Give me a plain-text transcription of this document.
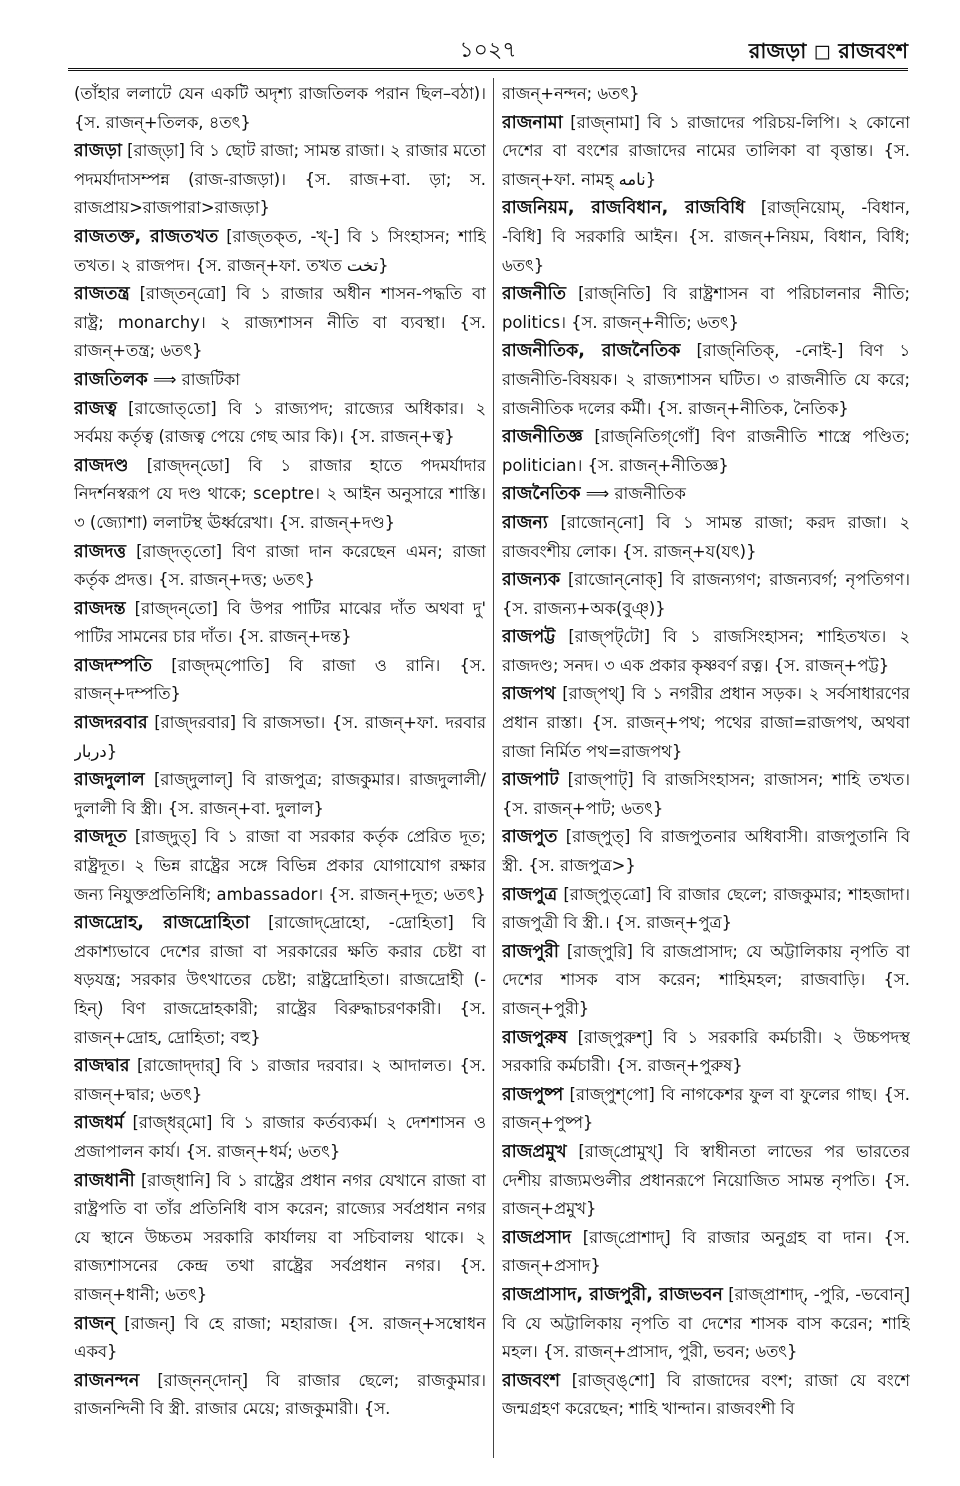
১০২৭	রাজড়া ◻ রাজবংশ

(তাঁহার ললাটে যেন একটি অদৃশ্য রাজতিলক পরান ছিল–বঠা)। {স. রাজন্+তিলক, ৪তৎ}

রাজড়া [রাজ্‌ড়া] বি ১ ছোট রাজা; সামন্ত রাজা। ২ রাজার মতো পদমর্যাদাসম্পন্ন (রাজ-রাজড়া)। {স. রাজ+বা. ড়া; স. রাজপ্রায়>রাজপারা>রাজড়া}

রাজতক্ত, রাজতখত [রাজ্‌তক্‌ত, -খ্‌-] বি ১ সিংহাসন; শাহি তখত। ২ রাজপদ। {স. রাজন্+ফা. তখত تخت}

রাজতন্ত্র [রাজ্‌তন্‌ত্রো] বি ১ রাজার অধীন শাসন-পদ্ধতি বা রাষ্ট্র; monarchy। ২ রাজ্যশাসন নীতি বা ব্যবস্থা। {স. রাজন্+তন্ত্র; ৬তৎ}

রাজতিলক ⟹ রাজটিকা

রাজত্ব [রাজোত্‌তো] বি ১ রাজ্যপদ; রাজ্যের অধিকার। ২ সর্বময় কর্তৃত্ব (রাজত্ব পেয়ে গেছ আর কি)। {স. রাজন্+ত্ব}

রাজদণ্ড [রাজ্‌দন্‌ডো] বি ১ রাজার হাতে পদমর্যাদার নিদর্শনস্বরূপ যে দণ্ড থাকে; sceptre। ২ আইন অনুসারে শাস্তি। ৩ (জ্যোশা) ললাটস্থ ঊর্ধ্বরেখা। {স. রাজন্+দণ্ড}

রাজদত্ত [রাজ্‌দত্‌তো] বিণ রাজা দান করেছেন এমন; রাজা কর্তৃক প্রদত্ত। {স. রাজন্+দত্ত; ৬তৎ}

রাজদন্ত [রাজ্‌দন্‌তো] বি উপর পাটির মাঝের দাঁত অথবা দু' পাটির সামনের চার দাঁত। {স. রাজন্+দন্ত}

রাজদম্পতি [রাজ্‌দম্‌পোতি] বি রাজা ও রানি। {স. রাজন্+দম্পতি}

রাজদরবার [রাজ্‌দরবার] বি রাজসভা। {স. রাজন্+ফা. দরবার دربار}

রাজদুলাল [রাজ্‌দুলাল্] বি রাজপুত্র; রাজকুমার। রাজদুলালী/দুলালী বি স্ত্রী। {স. রাজন্+বা. দুলাল}

রাজদূত [রাজ্‌দুত্] বি ১ রাজা বা সরকার কর্তৃক প্রেরিত দূত; রাষ্ট্রদূত। ২ ভিন্ন রাষ্ট্রের সঙ্গে বিভিন্ন প্রকার যোগাযোগ রক্ষার জন্য নিযুক্তপ্রতিনিধি; ambassador। {স. রাজন্+দূত; ৬তৎ}

রাজদ্রোহ, রাজদ্রোহিতা [রাজোদ্‌দ্রোহো, -দ্রোহিতা] বি প্রকাশ্যভাবে দেশের রাজা বা সরকারের ক্ষতি করার চেষ্টা বা ষড়যন্ত্র; সরকার উৎখাতের চেষ্টা; রাষ্ট্রদ্রোহিতা। রাজদ্রোহী (-হিন্) বিণ রাজদ্রোহকারী; রাষ্ট্রের বিরুদ্ধাচরণকারী। {স. রাজন্+দ্রোহ, দ্রোহিতা; বহু}

রাজদ্বার [রাজোদ্‌দার্] বি ১ রাজার দরবার। ২ আদালত। {স. রাজন্+দ্বার; ৬তৎ}

রাজধর্ম [রাজ্‌ধর্‌মো] বি ১ রাজার কর্তব্যকর্ম। ২ দেশশাসন ও প্রজাপালন কার্য। {স. রাজন্+ধর্ম; ৬তৎ}

রাজধানী [রাজ্‌ধানি] বি ১ রাষ্ট্রের প্রধান নগর যেখানে রাজা বা রাষ্ট্রপতি বা তাঁর প্রতিনিধি বাস করেন; রাজ্যের সর্বপ্রধান নগর যে স্থানে উচ্চতম সরকারি কার্যালয় বা সচিবালয় থাকে। ২ রাজ্যশাসনের কেন্দ্র তথা রাষ্ট্রের সর্বপ্রধান নগর। {স. রাজন্+ধানী; ৬তৎ}

রাজন্ [রাজন্] বি হে রাজা; মহারাজ। {স. রাজন্+সম্বোধন একব}

রাজনন্দন [রাজ্‌নন্‌দোন্] বি রাজার ছেলে; রাজকুমার। রাজনন্দিনী বি স্ত্রী. রাজার মেয়ে; রাজকুমারী। {স.

রাজন্+নন্দন; ৬তৎ}

রাজনামা [রাজ্‌নামা] বি ১ রাজাদের পরিচয়-লিপি। ২ কোনো দেশের বা বংশের রাজাদের নামের তালিকা বা বৃত্তান্ত। {স. রাজন্+ফা. নামহ্ نامه}

রাজনিয়ম, রাজবিধান, রাজবিধি [রাজ্‌নিয়োম্, -বিধান, -বিধি] বি সরকারি আইন। {স. রাজন্+নিয়ম, বিধান, বিধি; ৬তৎ}

রাজনীতি [রাজ্‌নিতি] বি রাষ্ট্রশাসন বা পরিচালনার নীতি; politics। {স. রাজন্+নীতি; ৬তৎ}

রাজনীতিক, রাজনৈতিক [রাজ্‌নিতিক্, -নোই-] বিণ ১ রাজনীতি-বিষয়ক। ২ রাজ্যশাসন ঘটিত। ৩ রাজনীতি যে করে; রাজনীতিক দলের কর্মী। {স. রাজন্+নীতিক, নৈতিক}

রাজনীতিজ্ঞ [রাজ্‌নিতিগ্‌গোঁ] বিণ রাজনীতি শাস্ত্রে পণ্ডিত; politician। {স. রাজন্+নীতিজ্ঞ}

রাজনৈতিক ⟹ রাজনীতিক

রাজন্য [রাজোন্‌নো] বি ১ সামন্ত রাজা; করদ রাজা। ২ রাজবংশীয় লোক। {স. রাজন্+য(যৎ)}

রাজন্যক [রাজোন্‌নোক্] বি রাজন্যগণ; রাজন্যবর্গ; নৃপতিগণ। {স. রাজন্য+অক(বুঞ্)}

রাজপট্ট [রাজ্‌পট্‌টো] বি ১ রাজসিংহাসন; শাহিতখত। ২ রাজদণ্ড; সনদ। ৩ এক প্রকার কৃষ্ণবর্ণ রত্ন। {স. রাজন্+পট্ট}

রাজপথ [রাজ্‌পথ্] বি ১ নগরীর প্রধান সড়ক। ২ সর্বসাধারণের প্রধান রাস্তা। {স. রাজন্+পথ; পথের রাজা=রাজপথ, অথবা রাজা নির্মিত পথ=রাজপথ}

রাজপাট [রাজ্‌পাট্] বি রাজসিংহাসন; রাজাসন; শাহি তখত। {স. রাজন্+পাট; ৬তৎ}

রাজপুত [রাজ্‌পুত্] বি রাজপুতনার অধিবাসী। রাজপুতানি বি স্ত্রী. {স. রাজপুত্র>}

রাজপুত্র [রাজ্‌পুত্‌ত্রো] বি রাজার ছেলে; রাজকুমার; শাহজাদা। রাজপুত্রী বি স্ত্রী.। {স. রাজন্+পুত্র}

রাজপুরী [রাজ্‌পুরি] বি রাজপ্রাসাদ; যে অট্টালিকায় নৃপতি বা দেশের শাসক বাস করেন; শাহিমহল; রাজবাড়ি। {স. রাজন্+পুরী}

রাজপুরুষ [রাজ্‌পুরুশ্] বি ১ সরকারি কর্মচারী। ২ উচ্চপদস্থ সরকারি কর্মচারী। {স. রাজন্+পুরুষ}

রাজপুষ্প [রাজ্‌পুশ্‌পো] বি নাগকেশর ফুল বা ফুলের গাছ। {স. রাজন্+পুষ্প}

রাজপ্রমুখ [রাজ্‌প্রোমুখ্] বি স্বাধীনতা লাভের পর ভারতের দেশীয় রাজ্যমণ্ডলীর প্রধানরূপে নিয়োজিত সামন্ত নৃপতি। {স. রাজন্+প্রমুখ}

রাজপ্রসাদ [রাজ্‌প্রোশাদ্] বি রাজার অনুগ্রহ বা দান। {স. রাজন্+প্রসাদ}

রাজপ্রাসাদ, রাজপুরী, রাজভবন [রাজ্‌প্রাশাদ্, -পুরি, -ভবোন্] বি যে অট্টালিকায় নৃপতি বা দেশের শাসক বাস করেন; শাহি মহল। {স. রাজন্+প্রাসাদ, পুরী, ভবন; ৬তৎ}

রাজবংশ [রাজ্‌বঙ্‌শো] বি রাজাদের বংশ; রাজা যে বংশে জন্মগ্রহণ করেছেন; শাহি খান্দান। রাজবংশী বি
